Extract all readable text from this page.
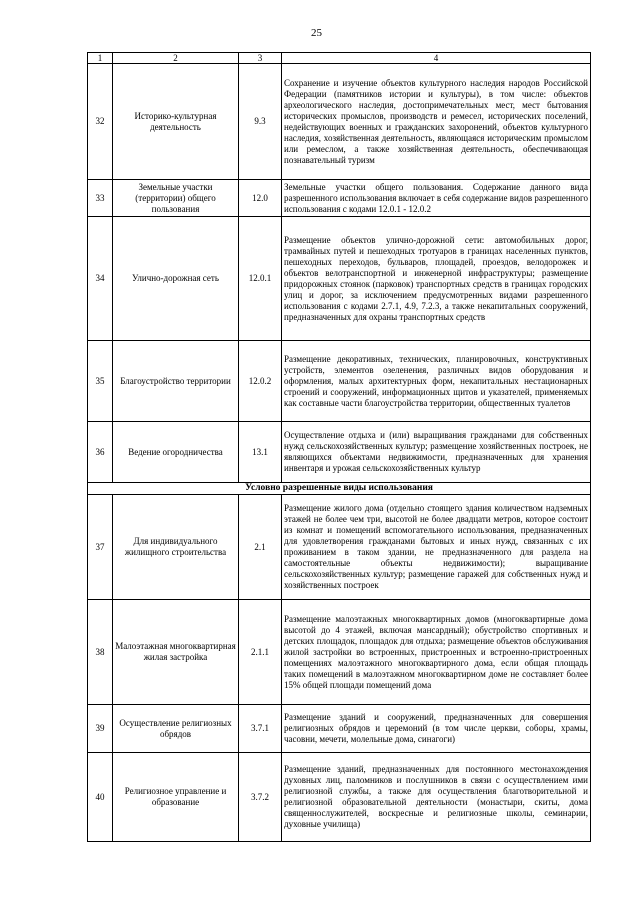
25
1	2	3	4
32	Историко-культурная деятельность	9.3	Сохранение и изучение объектов культурного наследия народов Российской Федерации (памятников истории и культуры), в том числе: объектов археологического наследия, достопримечательных мест, мест бытования исторических промыслов, производств и ремесел, исторических поселений, недействующих военных и гражданских захоронений, объектов культурного наследия, хозяйственная деятельность, являющаяся историческим промыслом или ремеслом, а также хозяйственная деятельность, обеспечивающая познавательный туризм
33	Земельные участки (территории) общего пользования	12.0	Земельные участки общего пользования. Содержание данного вида разрешенного использования включает в себя содержание видов разрешенного использования с кодами 12.0.1 - 12.0.2
34	Улично-дорожная сеть	12.0.1	Размещение объектов улично-дорожной сети: автомобильных дорог, трамвайных путей и пешеходных тротуаров в границах населенных пунктов, пешеходных переходов, бульваров, площадей, проездов, велодорожек и объектов велотранспортной и инженерной инфраструктуры; размещение придорожных стоянок (парковок) транспортных средств в границах городских улиц и дорог, за исключением предусмотренных видами разрешенного использования с кодами 2.7.1, 4.9, 7.2.3, а также некапитальных сооружений, предназначенных для охраны транспортных средств
35	Благоустройство территории	12.0.2	Размещение декоративных, технических, планировочных, конструктивных устройств, элементов озеленения, различных видов оборудования и оформления, малых архитектурных форм, некапитальных нестационарных строений и сооружений, информационных щитов и указателей, применяемых как составные части благоустройства территории, общественных туалетов
36	Ведение огородничества	13.1	Осуществление отдыха и (или) выращивания гражданами для собственных нужд сельскохозяйственных культур; размещение хозяйственных построек, не являющихся объектами недвижимости, предназначенных для хранения инвентаря и урожая сельскохозяйственных культур
Условно разрешенные виды использования			
37	Для индивидуального жилищного строительства	2.1	Размещение жилого дома (отдельно стоящего здания количеством надземных этажей не более чем три, высотой не более двадцати метров, которое состоит из комнат и помещений вспомогательного использования, предназначенных для удовлетворения гражданами бытовых и иных нужд, связанных с их проживанием в таком здании, не предназначенного для раздела на самостоятельные объекты недвижимости); выращивание сельскохозяйственных культур; размещение гаражей для собственных нужд и хозяйственных построек
38	Малоэтажная многоквартирная жилая застройка	2.1.1	Размещение малоэтажных многоквартирных домов (многоквартирные дома высотой до 4 этажей, включая мансардный); обустройство спортивных и детских площадок, площадок для отдыха; размещение объектов обслуживания жилой застройки во встроенных, пристроенных и встроенно-пристроенных помещениях малоэтажного многоквартирного дома, если общая площадь таких помещений в малоэтажном многоквартирном доме не составляет более 15% общей площади помещений дома
39	Осуществление религиозных обрядов	3.7.1	Размещение зданий и сооружений, предназначенных для совершения религиозных обрядов и церемоний (в том числе церкви, соборы, храмы, часовни, мечети, молельные дома, синагоги)
40	Религиозное управление и образование	3.7.2	Размещение зданий, предназначенных для постоянного местонахождения духовных лиц, паломников и послушников в связи с осуществлением ими религиозной службы, а также для осуществления благотворительной и религиозной образовательной деятельности (монастыри, скиты, дома священнослужителей, воскресные и религиозные школы, семинарии, духовные училища)
